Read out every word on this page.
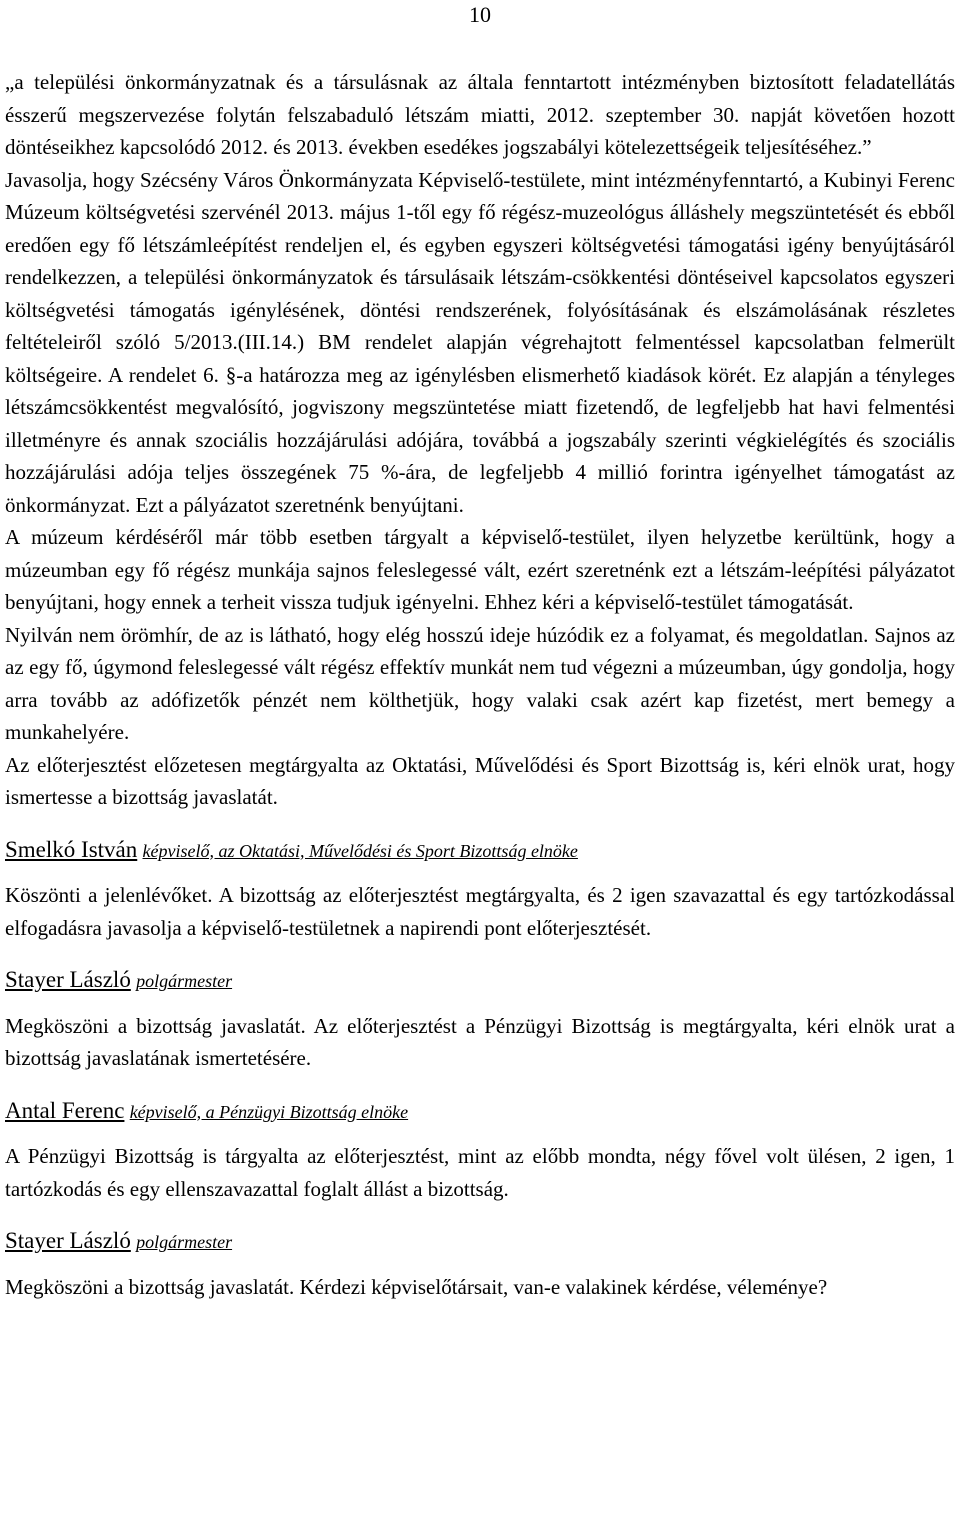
10

„a települési önkormányzatnak és a társulásnak az általa fenntartott intézményben biztosított feladatellátás ésszerű megszervezése folytán felszabaduló létszám miatti, 2012. szeptember 30. napját követően hozott döntéseikhez kapcsolódó 2012. és 2013. években esedékes jogszabályi kötelezettségeik teljesítéséhez.”

Javasolja, hogy Szécsény Város Önkormányzata Képviselő-testülete, mint intézményfenntartó, a Kubinyi Ferenc Múzeum költségvetési szervénél 2013. május 1-től egy fő régész-muzeológus álláshely megszüntetését és ebből eredően egy fő létszámleépítést rendeljen el, és egyben egyszeri költségvetési támogatási igény benyújtásáról rendelkezzen, a települési önkormányzatok és társulásaik létszám-csökkentési döntéseivel kapcsolatos egyszeri költségvetési támogatás igénylésének, döntési rendszerének, folyósításának és elszámolásának részletes feltételeiről szóló 5/2013.(III.14.) BM rendelet alapján végrehajtott felmentéssel kapcsolatban felmerült költségeire. A rendelet 6. §-a határozza meg az igénylésben elismerhető kiadások körét. Ez alapján a tényleges létszámcsökkentést megvalósító, jogviszony megszüntetése miatt fizetendő, de legfeljebb hat havi felmentési illetményre és annak szociális hozzájárulási adójára, továbbá a jogszabály szerinti végkielégítés és szociális hozzájárulási adója teljes összegének 75 %-ára, de legfeljebb 4 millió forintra igényelhet támogatást az önkormányzat. Ezt a pályázatot szeretnénk benyújtani.

A múzeum kérdéséről már több esetben tárgyalt a képviselő-testület, ilyen helyzetbe kerültünk, hogy a múzeumban egy fő régész munkája sajnos feleslegessé vált, ezért szeretnénk ezt a létszám-leépítési pályázatot benyújtani, hogy ennek a terheit vissza tudjuk igényelni. Ehhez kéri a képviselő-testület támogatását.

Nyilván nem örömhír, de az is látható, hogy elég hosszú ideje húzódik ez a folyamat, és megoldatlan. Sajnos az az egy fő, úgymond feleslegessé vált régész effektív munkát nem tud végezni a múzeumban, úgy gondolja, hogy arra tovább az adófizetők pénzét nem költhetjük, hogy valaki csak azért kap fizetést, mert bemegy a munkahelyére.

Az előterjesztést előzetesen megtárgyalta az Oktatási, Művelődési és Sport Bizottság is, kéri elnök urat, hogy ismertesse a bizottság javaslatát.

Smelkó István képviselő, az Oktatási, Művelődési és Sport Bizottság elnöke

Köszönti a jelenlévőket. A bizottság az előterjesztést megtárgyalta, és 2 igen szavazattal és egy tartózkodással elfogadásra javasolja a képviselő-testületnek a napirendi pont előterjesztését.

Stayer László polgármester

Megköszöni a bizottság javaslatát. Az előterjesztést a Pénzügyi Bizottság is megtárgyalta, kéri elnök urat a bizottság javaslatának ismertetésére.

Antal Ferenc képviselő, a Pénzügyi Bizottság elnöke

A Pénzügyi Bizottság is tárgyalta az előterjesztést, mint az előbb mondta, négy fővel volt ülésen, 2 igen, 1 tartózkodás és egy ellenszavazattal foglalt állást a bizottság.

Stayer László polgármester

Megköszöni a bizottság javaslatát. Kérdezi képviselőtársait, van-e valakinek kérdése, véleménye?
